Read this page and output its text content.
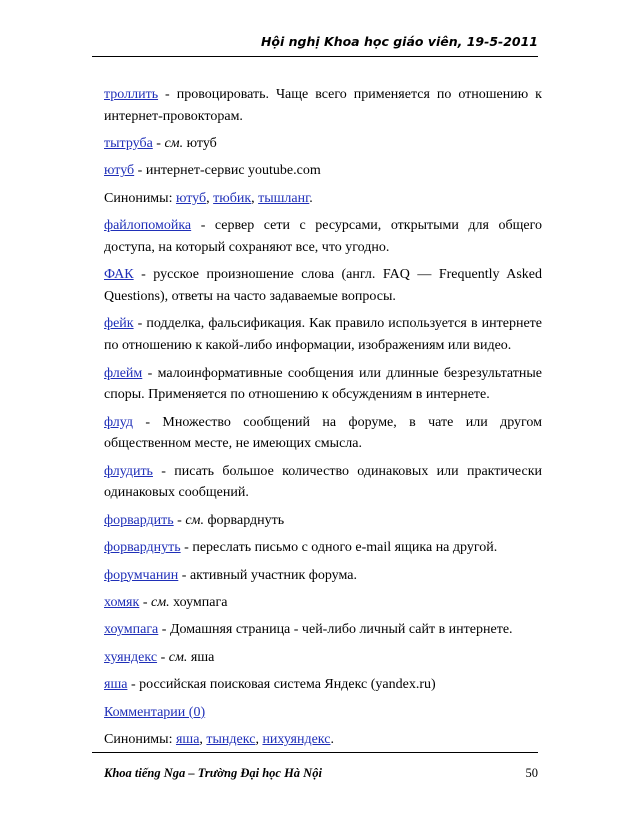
Hội nghị Khoa học giáo viên, 19-5-2011

троллить - провоцировать. Чаще всего применяется по отношению к интернет-провокторам.

тытруба - см. ютуб

ютуб - интернет-сервис youtube.com

Синонимы: ютуб, тюбик, тышланг.

файлопомойка - сервер сети с ресурсами, открытыми для общего доступа, на который сохраняют все, что угодно.

ФАК - русское произношение слова (англ. FAQ — Frequently Asked Questions), ответы на часто задаваемые вопросы.

фейк - подделка, фальсификация. Как правило используется в интернете по отношению к какой-либо информации, изображениям или видео.

флейм - малоинформативные сообщения или длинные безрезультатные споры. Применяется по отношению к обсуждениям в интернете.

флуд - Множество сообщений на форуме, в чате или другом общественном месте, не имеющих смысла.

флудить - писать большое количество одинаковых или практически одинаковых сообщений.

форвардить - см. форварднуть

форварднуть - переслать письмо с одного e-mail ящика на другой.

форумчанин - активный участник форума.

хомяк - см. хоумпага

хоумпага - Домашняя страница - чей-либо личный сайт в интернете.

хуяндекс - см. яша

яша - российская поисковая система Яндекс (yandex.ru)

Комментарии (0)

Синонимы: яша, тындекс, нихуяндекс.

Khoa tiếng Nga – Trường Đại học Hà Nội	50
